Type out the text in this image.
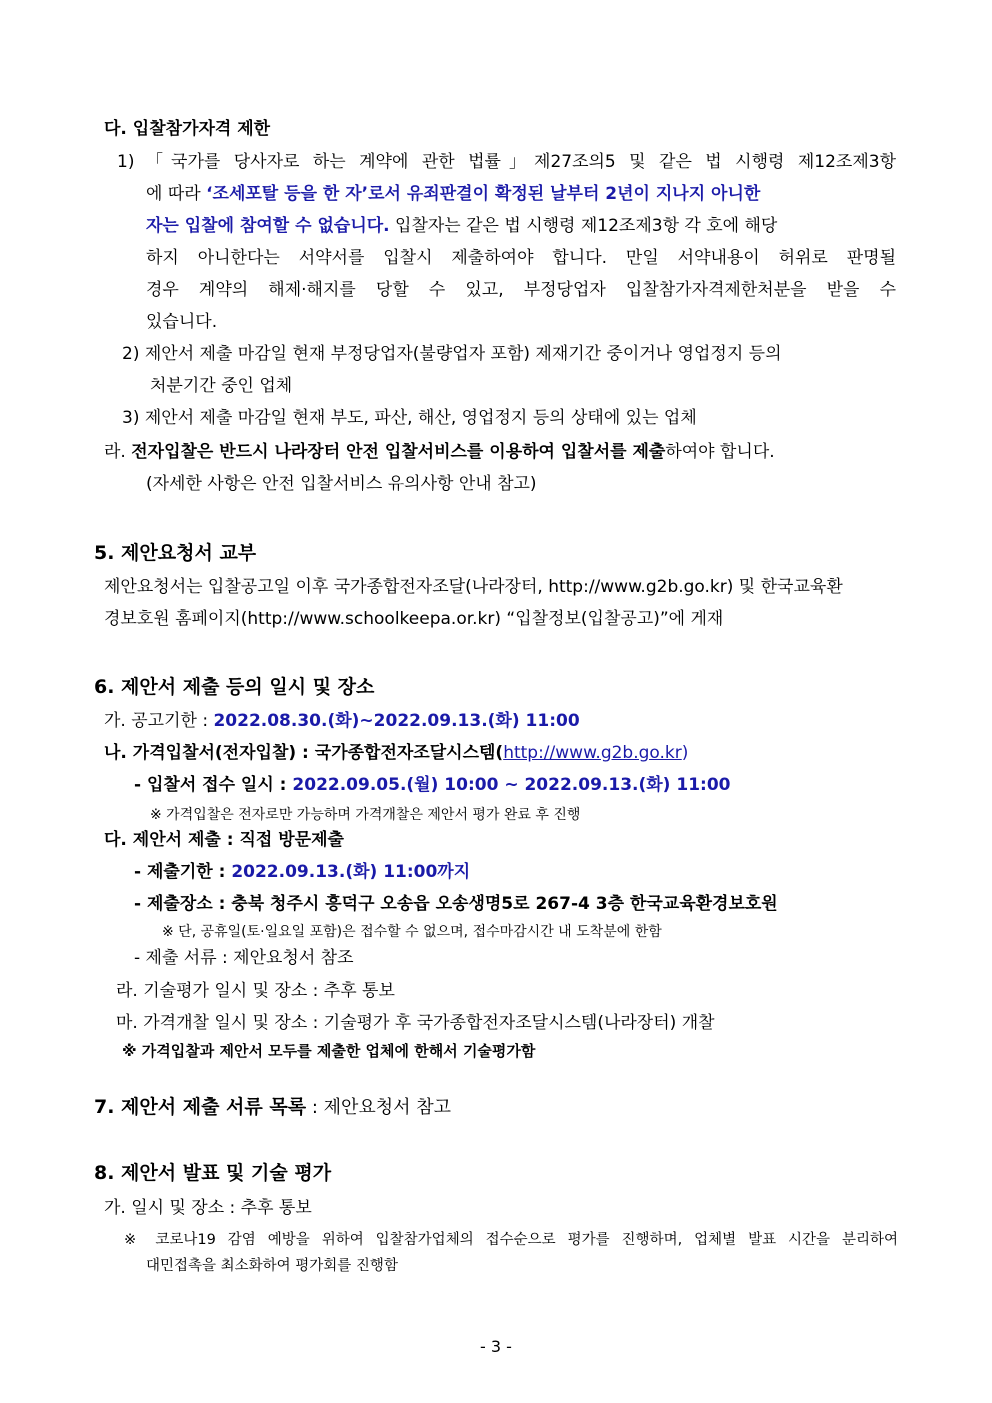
다. 입찰참가자격 제한
1) 「국가를 당사자로 하는 계약에 관한 법률」제27조의5 및 같은 법 시행령 제12조제3항
에 따라 ‘조세포탈 등을 한 자’로서 유죄판결이 확정된 날부터 2년이 지나지 아니한
자는 입찰에 참여할 수 없습니다. 입찰자는 같은 법 시행령 제12조제3항 각 호에 해당
하지 아니한다는 서약서를 입찰시 제출하여야 합니다. 만일 서약내용이 허위로 판명될
경우 계약의 해제·해지를 당할 수 있고, 부정당업자 입찰참가자격제한처분을 받을 수
있습니다.
2) 제안서 제출 마감일 현재 부정당업자(불량업자 포함) 제재기간 중이거나 영업정지 등의
처분기간 중인 업체
3) 제안서 제출 마감일 현재 부도, 파산, 해산, 영업정지 등의 상태에 있는 업체
라. 전자입찰은 반드시 나라장터 안전 입찰서비스를 이용하여 입찰서를 제출하여야 합니다.
(자세한 사항은 안전 입찰서비스 유의사항 안내 참고)
5. 제안요청서 교부
제안요청서는 입찰공고일 이후 국가종합전자조달(나라장터, http://www.g2b.go.kr) 및 한국교육환
경보호원 홈페이지(http://www.schoolkeepa.or.kr) “입찰정보(입찰공고)”에 게재
6. 제안서 제출 등의 일시 및 장소
가. 공고기한 : 2022.08.30.(화)~2022.09.13.(화) 11:00
나. 가격입찰서(전자입찰) : 국가종합전자조달시스템(http://www.g2b.go.kr)
- 입찰서 접수 일시 : 2022.09.05.(월) 10:00 ~ 2022.09.13.(화) 11:00
※ 가격입찰은 전자로만 가능하며 가격개찰은 제안서 평가 완료 후 진행
다. 제안서 제출 : 직접 방문제출
- 제출기한 : 2022.09.13.(화) 11:00까지
- 제출장소 : 충북 청주시 흥덕구 오송읍 오송생명5로 267-4 3층 한국교육환경보호원
※ 단, 공휴일(토·일요일 포함)은 접수할 수 없으며, 접수마감시간 내 도착분에 한함
- 제출 서류 : 제안요청서 참조
라. 기술평가 일시 및 장소 : 추후 통보
마. 가격개찰 일시 및 장소 : 기술평가 후 국가종합전자조달시스템(나라장터) 개찰
※ 가격입찰과 제안서 모두를 제출한 업체에 한해서 기술평가함
7. 제안서 제출 서류 목록 : 제안요청서 참고
8. 제안서 발표 및 기술 평가
가. 일시 및 장소 : 추후 통보
※ 코로나19 감염 예방을 위하여 입찰참가업체의 접수순으로 평가를 진행하며, 업체별 발표 시간을 분리하여
대민접촉을 최소화하여 평가회를 진행함
- 3 -
